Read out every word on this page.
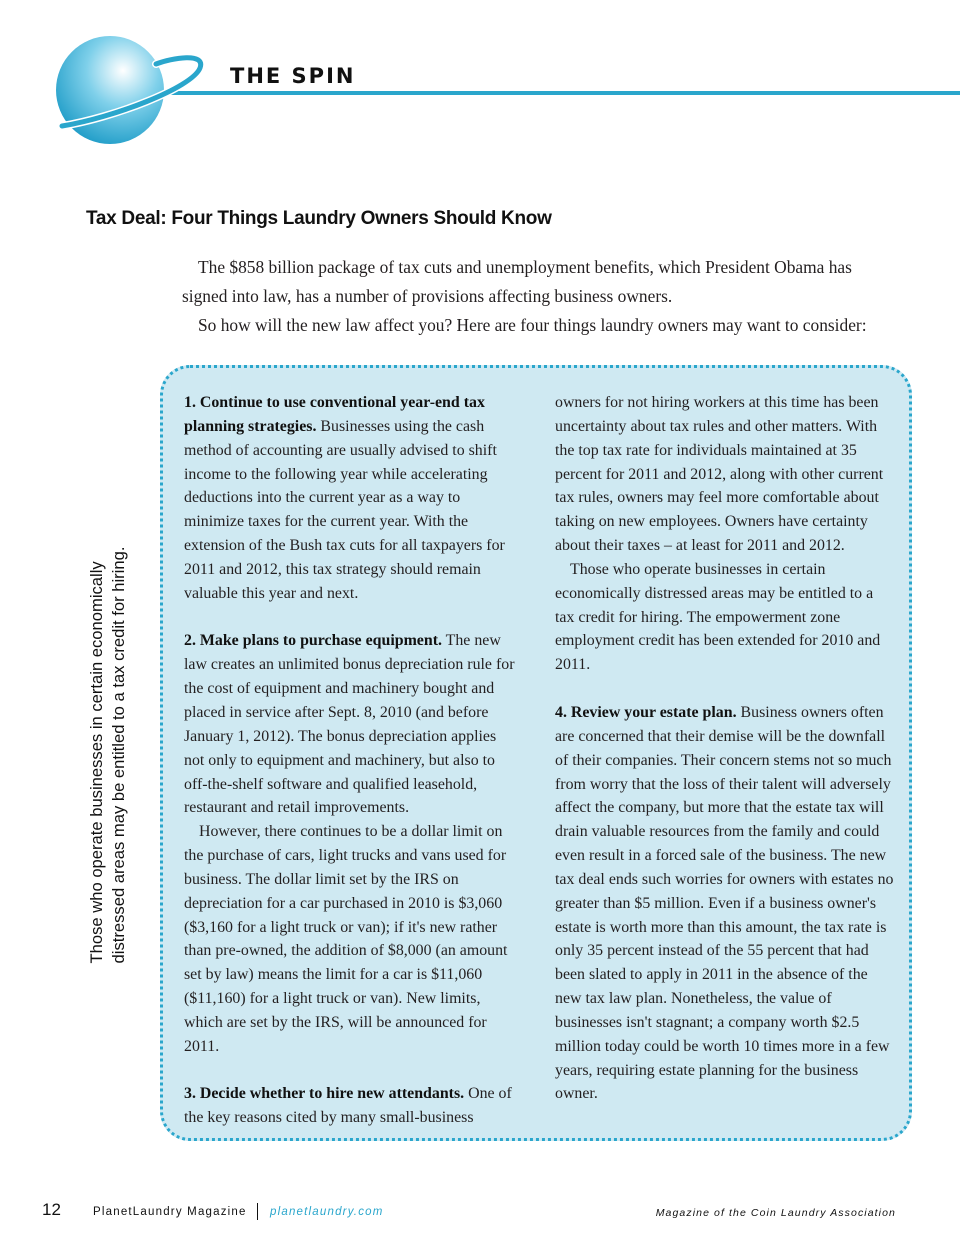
THE SPIN
Tax Deal: Four Things Laundry Owners Should Know

The $858 billion package of tax cuts and unemployment benefits, which President Obama has signed into law, has a number of provisions affecting business owners.

So how will the new law affect you? Here are four things laundry owners may want to consider:

Those who operate businesses in certain economically distressed areas may be entitled to a tax credit for hiring.
1. Continue to use conventional year-end tax planning strategies. Businesses using the cash method of accounting are usually advised to shift income to the following year while accelerating deductions into the current year as a way to minimize taxes for the current year. With the extension of the Bush tax cuts for all taxpayers for 2011 and 2012, this tax strategy should remain valuable this year and next.
2. Make plans to purchase equipment. The new law creates an unlimited bonus depreciation rule for the cost of equipment and machinery bought and placed in service after Sept. 8, 2010 (and before January 1, 2012). The bonus depreciation applies not only to equipment and machinery, but also to off-the-shelf software and qualified leasehold, restaurant and retail improvements.
However, there continues to be a dollar limit on the purchase of cars, light trucks and vans used for business. The dollar limit set by the IRS on depreciation for a car purchased in 2010 is $3,060 ($3,160 for a light truck or van); if it's new rather than pre-owned, the addition of $8,000 (an amount set by law) means the limit for a car is $11,060 ($11,160) for a light truck or van). New limits, which are set by the IRS, will be announced for 2011.
3. Decide whether to hire new attendants. One of the key reasons cited by many small-business
owners for not hiring workers at this time has been uncertainty about tax rules and other matters. With the top tax rate for individuals maintained at 35 percent for 2011 and 2012, along with other current tax rules, owners may feel more comfortable about taking on new employees. Owners have certainty about their taxes – at least for 2011 and 2012.
Those who operate businesses in certain economically distressed areas may be entitled to a tax credit for hiring. The empowerment zone employment credit has been extended for 2010 and 2011.
4. Review your estate plan. Business owners often are concerned that their demise will be the downfall of their companies. Their concern stems not so much from worry that the loss of their talent will adversely affect the company, but more that the estate tax will drain valuable resources from the family and could even result in a forced sale of the business. The new tax deal ends such worries for owners with estates no greater than $5 million. Even if a business owner's estate is worth more than this amount, the tax rate is only 35 percent instead of the 55 percent that had been slated to apply in 2011 in the absence of the new tax law plan. Nonetheless, the value of businesses isn't stagnant; a company worth $2.5 million today could be worth 10 times more in a few years, requiring estate planning for the business owner.
12	PlanetLaundry Magazine planetlaundry.com	Magazine of the Coin Laundry Association
